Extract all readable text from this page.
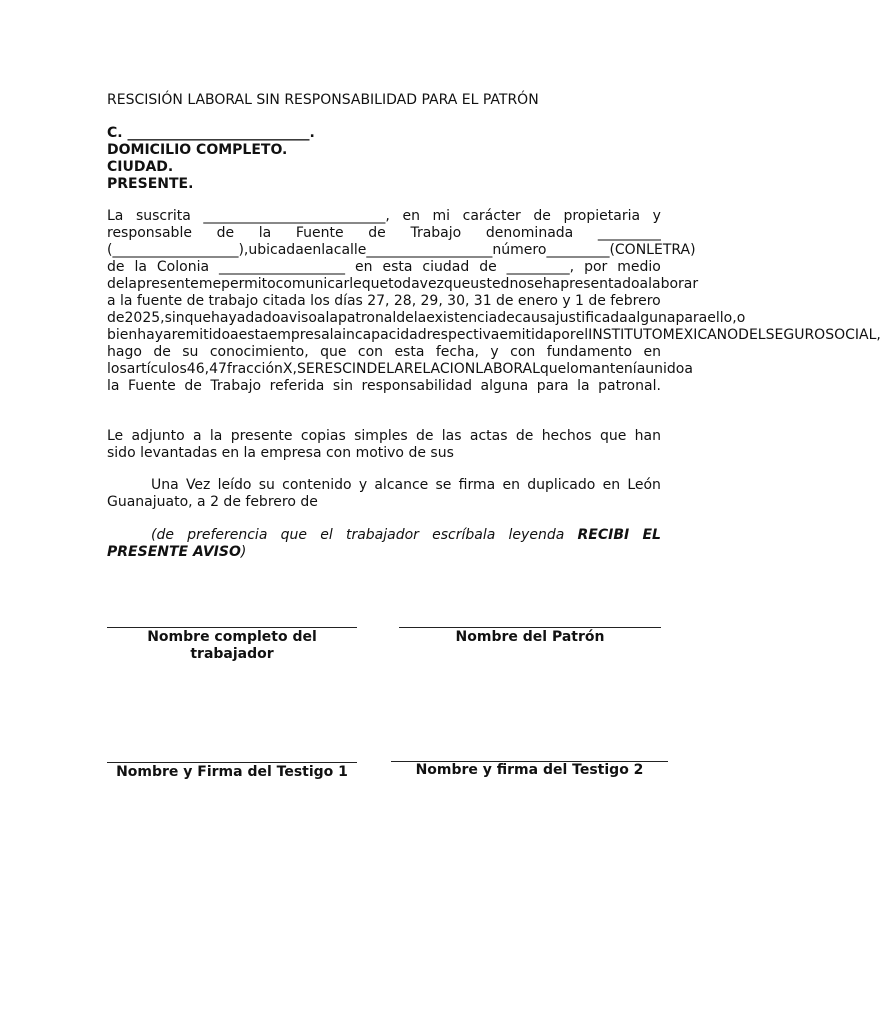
RESCISIÓN LABORAL SIN RESPONSABILIDAD PARA EL PATRÓN
C. __________________________.
DOMICILIO COMPLETO.
CIUDAD.
PRESENTE.
La suscrita __________________________, en mi carácter de propietaria y
responsable de la Fuente de Trabajo denominada _________
(__________________), ubicada en la calle __________________ número _________ (CON LETRA)
de la Colonia __________________ en esta ciudad de _________, por medio
de la presente me permito comunicarle que toda vez que usted no se ha presentado a laborar
a la fuente de trabajo citada los días 27, 28, 29, 30, 31 de enero y 1 de febrero
de 2025, sin que haya dado aviso a la patronal de la existencia de causa justificada alguna para ello, o
bien haya remitido a esta empresa la incapacidad respectiva emitida por el INSTITUTO MEXICANO DEL SEGURO SOCIAL,
hago de su conocimiento, que con esta fecha, y con fundamento en
los artículos 46, 47 fracción X, SE RESCINDE LA RELACION LABORAL que lo mantenía unido a
la Fuente de Trabajo referida sin responsabilidad alguna para la patronal.
Le adjunto a la presente copias simples de las actas de hechos que han
sido levantadas en la empresa con motivo de sus
Una Vez leído su contenido y alcance se firma en duplicado en León
Guanajuato, a 2 de febrero de
(de preferencia que el trabajador escríbala leyenda RECIBI EL
PRESENTE AVISO)
Nombre completo del trabajador
Nombre del Patrón
Nombre y Firma del Testigo 1	Nombre y firma del Testigo 2
